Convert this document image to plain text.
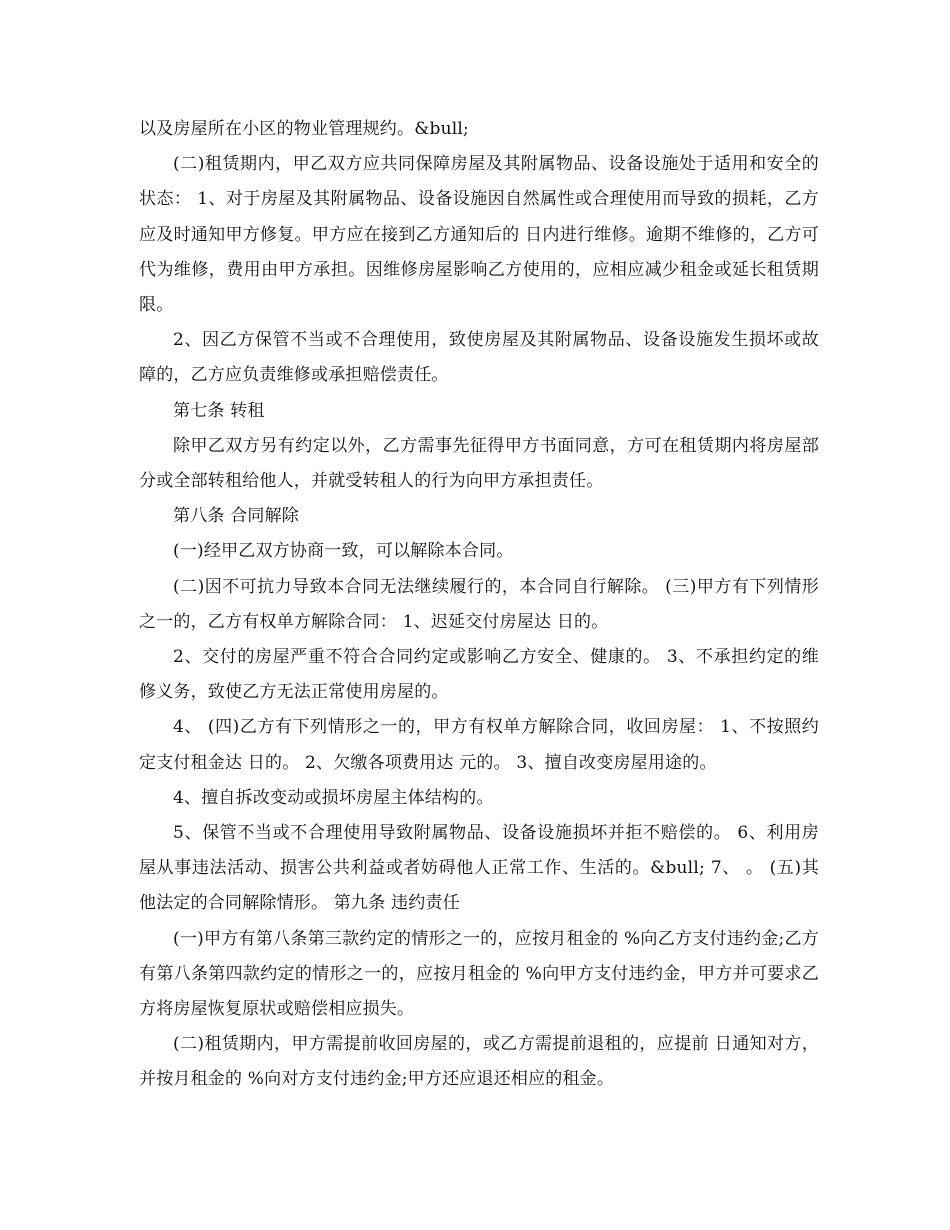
以及房屋所在小区的物业管理规约。&bull;

(二)租赁期内，甲乙双方应共同保障房屋及其附属物品、设备设施处于适用和安全的状态： 1、对于房屋及其附属物品、设备设施因自然属性或合理使用而导致的损耗，乙方应及时通知甲方修复。甲方应在接到乙方通知后的 日内进行维修。逾期不维修的，乙方可代为维修，费用由甲方承担。因维修房屋影响乙方使用的，应相应减少租金或延长租赁期限。

2、因乙方保管不当或不合理使用，致使房屋及其附属物品、设备设施发生损坏或故障的，乙方应负责维修或承担赔偿责任。

第七条 转租

除甲乙双方另有约定以外，乙方需事先征得甲方书面同意，方可在租赁期内将房屋部分或全部转租给他人，并就受转租人的行为向甲方承担责任。

第八条 合同解除

(一)经甲乙双方协商一致，可以解除本合同。

(二)因不可抗力导致本合同无法继续履行的，本合同自行解除。 (三)甲方有下列情形之一的，乙方有权单方解除合同： 1、迟延交付房屋达 日的。

2、交付的房屋严重不符合合同约定或影响乙方安全、健康的。 3、不承担约定的维修义务，致使乙方无法正常使用房屋的。

4、 (四)乙方有下列情形之一的，甲方有权单方解除合同，收回房屋： 1、不按照约定支付租金达 日的。 2、欠缴各项费用达 元的。 3、擅自改变房屋用途的。

4、擅自拆改变动或损坏房屋主体结构的。

5、保管不当或不合理使用导致附属物品、设备设施损坏并拒不赔偿的。 6、利用房屋从事违法活动、损害公共利益或者妨碍他人正常工作、生活的。&bull; 7、 。 (五)其他法定的合同解除情形。 第九条 违约责任

(一)甲方有第八条第三款约定的情形之一的，应按月租金的 %向乙方支付违约金;乙方有第八条第四款约定的情形之一的，应按月租金的 %向甲方支付违约金，甲方并可要求乙方将房屋恢复原状或赔偿相应损失。

(二)租赁期内，甲方需提前收回房屋的，或乙方需提前退租的，应提前 日通知对方，并按月租金的 %向对方支付违约金;甲方还应退还相应的租金。
